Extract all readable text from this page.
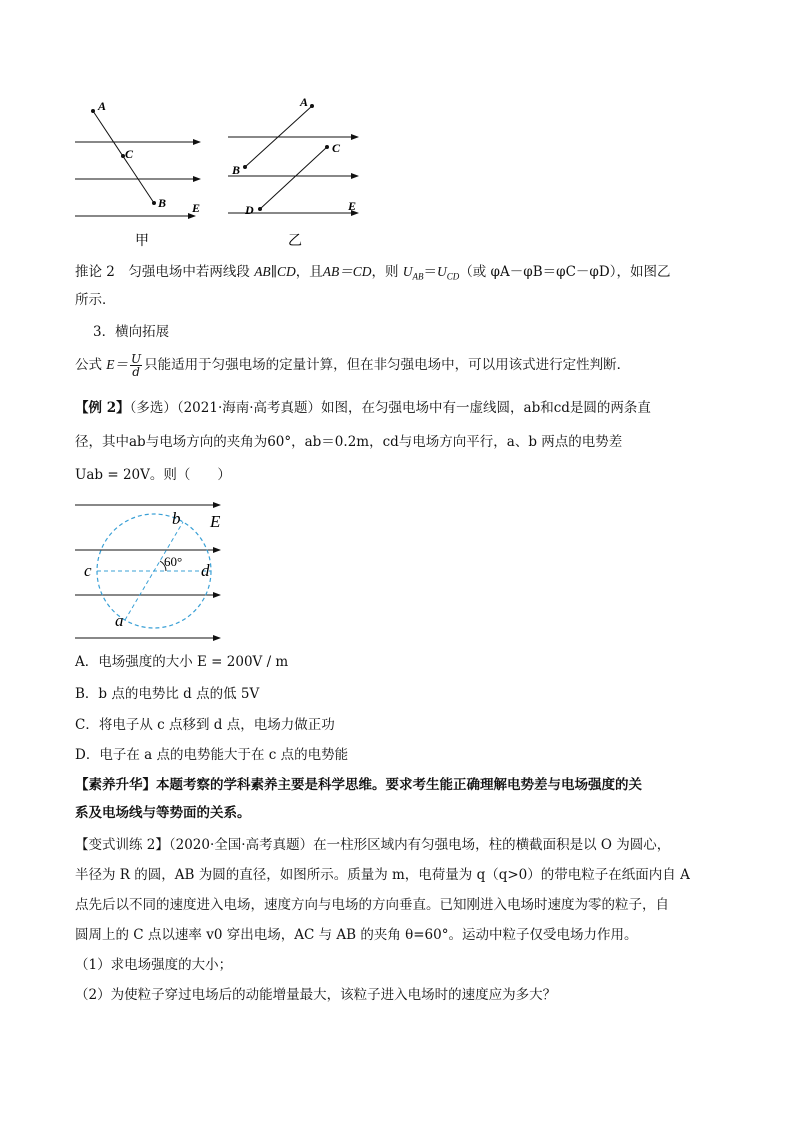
A
C
B E
甲
A
B
C
D	E
乙
推论 2　匀强电场中若两线段 AB∥CD，且AB＝CD，则 $U_{AB}=U_{CD}$（或 φA－φB＝φC－φD），如图乙
所示．
3．横向拓展
公式 $E= \frac{U}{d}$ 只能适用于匀强电场的定量计算，但在非匀强电场中，可以用该式进行定性判断．
【例 2】（多选）（2021·海南·高考真题）如图，在匀强电场中有一虚线圆，ab和cd是圆的两条直
径，其中ab与电场方向的夹角为60°，ab＝0.2m，cd与电场方向平行，a、b 两点的电势差
Uab = 20V。则（　　）
b E
c	d
a
60°
A．电场强度的大小 E = 200V / m
B．b 点的电势比 d 点的低 5V
C．将电子从 c 点移到 d 点，电场力做正功
D．电子在 a 点的电势能大于在 c 点的电势能
【素养升华】本题考察的学科素养主要是科学思维。要求考生能正确理解电势差与电场强度的关
系及电场线与等势面的关系。
【变式训练 2】（2020·全国·高考真题）在一柱形区域内有匀强电场，柱的横截面积是以 O 为圆心，
半径为 R 的圆，AB 为圆的直径，如图所示。质量为 m，电荷量为 q（q>0）的带电粒子在纸面内自 A
点先后以不同的速度进入电场，速度方向与电场的方向垂直。已知刚进入电场时速度为零的粒子，自
圆周上的 C 点以速率 v0 穿出电场，AC 与 AB 的夹角 θ=60°。运动中粒子仅受电场力作用。
（1）求电场强度的大小；
（2）为使粒子穿过电场后的动能增量最大，该粒子进入电场时的速度应为多大？
